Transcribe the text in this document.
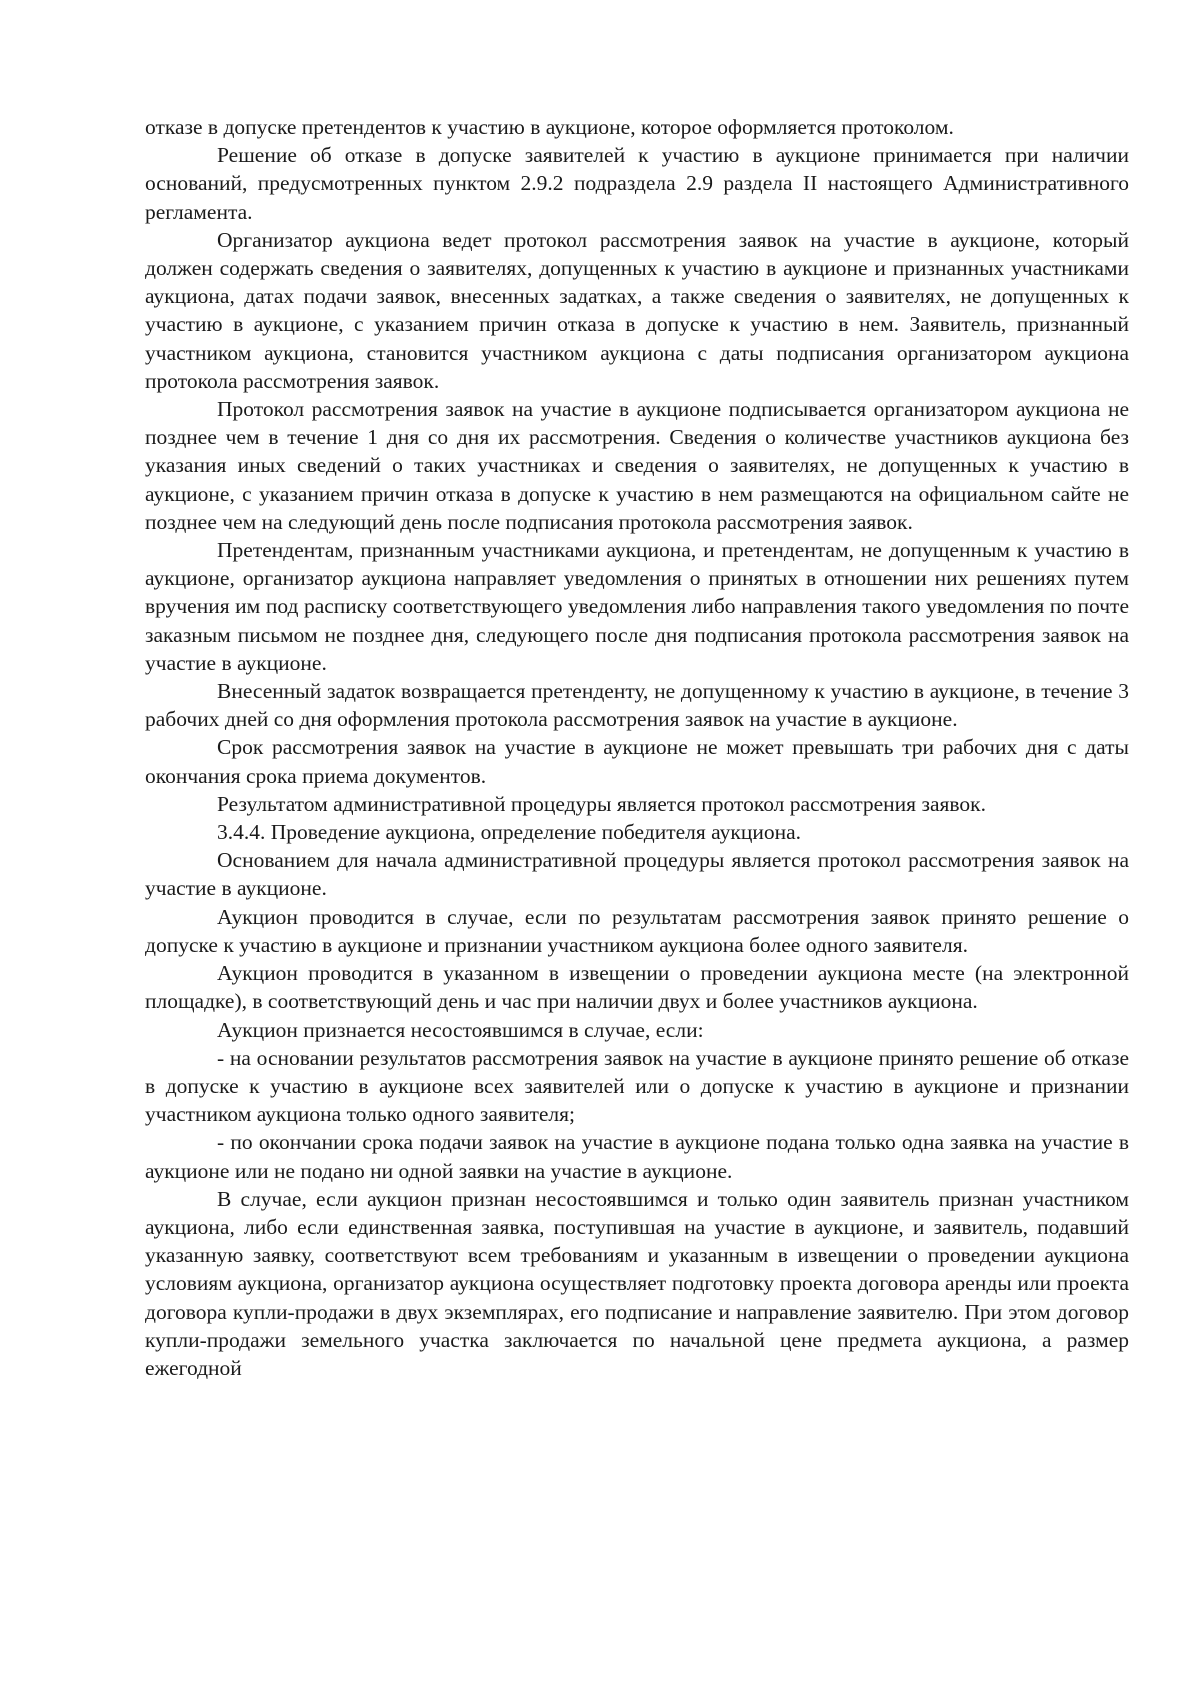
отказе в допуске претендентов к участию в аукционе, которое оформляется протоколом.

Решение об отказе в допуске заявителей к участию в аукционе принимается при наличии оснований, предусмотренных пунктом 2.9.2 подраздела 2.9 раздела II настоящего Административного регламента.

Организатор аукциона ведет протокол рассмотрения заявок на участие в аукционе, который должен содержать сведения о заявителях, допущенных к участию в аукционе и признанных участниками аукциона, датах подачи заявок, внесенных задатках, а также сведения о заявителях, не допущенных к участию в аукционе, с указанием причин отказа в допуске к участию в нем. Заявитель, признанный участником аукциона, становится участником аукциона с даты подписания организатором аукциона протокола рассмотрения заявок.

Протокол рассмотрения заявок на участие в аукционе подписывается организатором аукциона не позднее чем в течение 1 дня со дня их рассмотрения. Сведения о количестве участников аукциона без указания иных сведений о таких участниках и сведения о заявителях, не допущенных к участию в аукционе, с указанием причин отказа в допуске к участию в нем размещаются на официальном сайте не позднее чем на следующий день после подписания протокола рассмотрения заявок.

Претендентам, признанным участниками аукциона, и претендентам, не допущенным к участию в аукционе, организатор аукциона направляет уведомления о принятых в отношении них решениях путем вручения им под расписку соответствующего уведомления либо направления такого уведомления по почте заказным письмом не позднее дня, следующего после дня подписания протокола рассмотрения заявок на участие в аукционе.

Внесенный задаток возвращается претенденту, не допущенному к участию в аукционе, в течение 3 рабочих дней со дня оформления протокола рассмотрения заявок на участие в аукционе.

Срок рассмотрения заявок на участие в аукционе не может превышать три рабочих дня с даты окончания срока приема документов.

Результатом административной процедуры является протокол рассмотрения заявок.

3.4.4. Проведение аукциона, определение победителя аукциона.

Основанием для начала административной процедуры является протокол рассмотрения заявок на участие в аукционе.

Аукцион проводится в случае, если по результатам рассмотрения заявок принято решение о допуске к участию в аукционе и признании участником аукциона более одного заявителя.

Аукцион проводится в указанном в извещении о проведении аукциона месте (на электронной площадке), в соответствующий день и час при наличии двух и более участников аукциона.

Аукцион признается несостоявшимся в случае, если:

- на основании результатов рассмотрения заявок на участие в аукционе принято решение об отказе в допуске к участию в аукционе всех заявителей или о допуске к участию в аукционе и признании участником аукциона только одного заявителя;

- по окончании срока подачи заявок на участие в аукционе подана только одна заявка на участие в аукционе или не подано ни одной заявки на участие в аукционе.

В случае, если аукцион признан несостоявшимся и только один заявитель признан участником аукциона, либо если единственная заявка, поступившая на участие в аукционе, и заявитель, подавший указанную заявку, соответствуют всем требованиям и указанным в извещении о проведении аукциона условиям аукциона, организатор аукциона осуществляет подготовку проекта договора аренды или проекта договора купли-продажи в двух экземплярах, его подписание и направление заявителю. При этом договор купли-продажи земельного участка заключается по начальной цене предмета аукциона, а размер ежегодной
